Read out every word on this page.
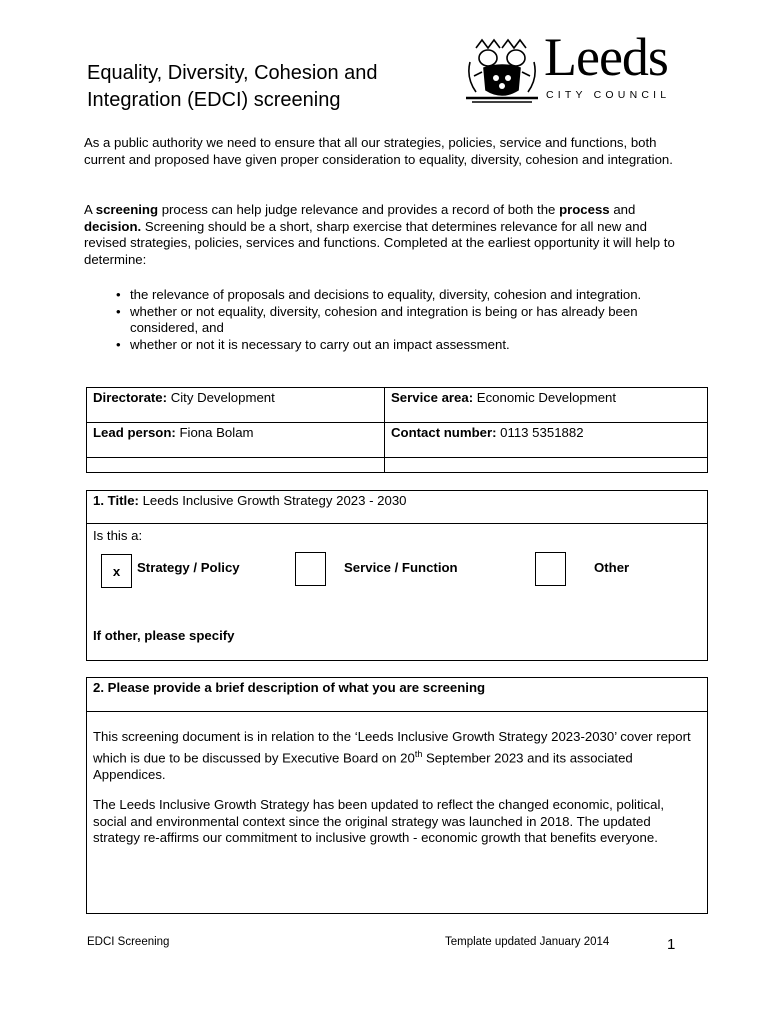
Equality, Diversity, Cohesion and
Integration (EDCI) screening
Leeds
CITY COUNCIL
As a public authority we need to ensure that all our strategies, policies, service and functions, both current and proposed have given proper consideration to equality, diversity, cohesion and integration.
A screening process can help judge relevance and provides a record of both the process and decision. Screening should be a short, sharp exercise that determines relevance for all new and revised strategies, policies, services and functions. Completed at the earliest opportunity it will help to determine:
• the relevance of proposals and decisions to equality, diversity, cohesion and integration.
• whether or not equality, diversity, cohesion and integration is being or has already been considered, and
• whether or not it is necessary to carry out an impact assessment.
Directorate: City Development	Service area: Economic Development
Lead person: Fiona Bolam	Contact number: 0113 5351882

1. Title: Leeds Inclusive Growth Strategy 2023 - 2030
Is this a:
x	Strategy / Policy	Service / Function	Other
If other, please specify
2. Please provide a brief description of what you are screening
This screening document is in relation to the ‘Leeds Inclusive Growth Strategy 2023-2030’ cover report which is due to be discussed by Executive Board on 20th September 2023 and its associated Appendices.
The Leeds Inclusive Growth Strategy has been updated to reflect the changed economic, political, social and environmental context since the original strategy was launched in 2018. The updated strategy re-affirms our commitment to inclusive growth - economic growth that benefits everyone.
EDCI Screening	Template updated January 2014	1
